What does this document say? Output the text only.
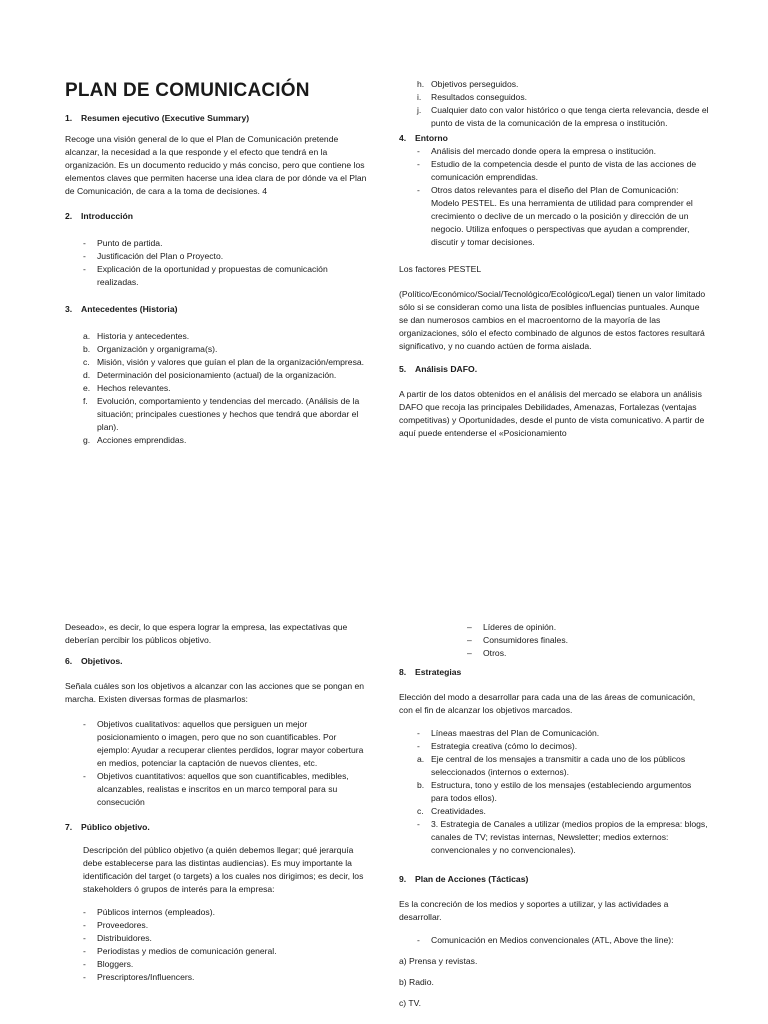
PLAN DE COMUNICACIÓN
1. Resumen ejecutivo (Executive Summary)

Recoge una visión general de lo que el Plan de Comunicación pretende alcanzar, la necesidad a la que responde y el efecto que tendrá en la organización. Es un documento reducido y más conciso, pero que contiene los elementos claves que permiten hacerse una idea clara de por dónde va el Plan de Comunicación, de cara a la toma de decisiones. 4

2. Introducción
- Punto de partida.
- Justificación del Plan o Proyecto.
- Explicación de la oportunidad y propuestas de comunicación realizadas.
3. Antecedentes (Historia)
a. Historia y antecedentes.
b. Organización y organigrama(s).
c. Misión, visión y valores que guían el plan de la organización/empresa.
d. Determinación del posicionamiento (actual) de la organización.
e. Hechos relevantes.
f. Evolución, comportamiento y tendencias del mercado. (Análisis de la situación; principales cuestiones y hechos que tendrá que abordar el plan).
g. Acciones emprendidas.
h. Objetivos perseguidos.
i. Resultados conseguidos.
j. Cualquier dato con valor histórico o que tenga cierta relevancia, desde el punto de vista de la comunicación de la empresa o institución.
4. Entorno
- Análisis del mercado donde opera la empresa o institución.
- Estudio de la competencia desde el punto de vista de las acciones de comunicación emprendidas.
- Otros datos relevantes para el diseño del Plan de Comunicación: Modelo PESTEL. Es una herramienta de utilidad para comprender el crecimiento o declive de un mercado o la posición y dirección de un negocio. Utiliza enfoques o perspectivas que ayudan a comprender, discutir y tomar decisiones.

Los factores PESTEL

(Político/Económico/Social/Tecnológico/Ecológico/Legal) tienen un valor limitado sólo si se consideran como una lista de posibles influencias puntuales. Aunque se dan numerosos cambios en el macroentorno de la mayoría de las organizaciones, sólo el efecto combinado de algunos de estos factores resultará significativo, y no cuando actúen de forma aislada.

5. Análisis DAFO.

A partir de los datos obtenidos en el análisis del mercado se elabora un análisis DAFO que recoja las principales Debilidades, Amenazas, Fortalezas (ventajas competitivas) y Oportunidades, desde el punto de vista comunicativo. A partir de aquí puede entenderse el «Posicionamiento

Deseado», es decir, lo que espera lograr la empresa, las expectativas que deberían percibir los públicos objetivo.

6. Objetivos.

Señala cuáles son los objetivos a alcanzar con las acciones que se pongan en marcha. Existen diversas formas de plasmarlos:

- Objetivos cualitativos: aquellos que persiguen un mejor posicionamiento o imagen, pero que no son cuantificables. Por ejemplo: Ayudar a recuperar clientes perdidos, lograr mayor cobertura en medios, potenciar la captación de nuevos clientes, etc.
- Objetivos cuantitativos: aquellos que son cuantificables, medibles, alcanzables, realistas e inscritos en un marco temporal para su consecución
7. Público objetivo.

Descripción del público objetivo (a quién debemos llegar; qué jerarquía debe establecerse para las distintas audiencias). Es muy importante la identificación del target (o targets) a los cuales nos dirigimos; es decir, los stakeholders ó grupos de interés para la empresa:

- Públicos internos (empleados).
- Proveedores.
- Distribuidores.
- Periodistas y medios de comunicación general.
- Bloggers.
- Prescriptores/Influencers.
– Líderes de opinión.
– Consumidores finales.
– Otros.
8. Estrategias

Elección del modo a desarrollar para cada una de las áreas de comunicación, con el fin de alcanzar los objetivos marcados.

- Líneas maestras del Plan de Comunicación.
- Estrategia creativa (cómo lo decimos).
a. Eje central de los mensajes a transmitir a cada uno de los públicos seleccionados (internos o externos).
b. Estructura, tono y estilo de los mensajes (estableciendo argumentos para todos ellos).
c. Creatividades.
- 3. Estrategia de Canales a utilizar (medios propios de la empresa: blogs, canales de TV; revistas internas, Newsletter; medios externos: convencionales y no convencionales).
9. Plan de Acciones (Tácticas)

Es la concreción de los medios y soportes a utilizar, y las actividades a desarrollar.

- Comunicación en Medios convencionales (ATL, Above the line):

a) Prensa y revistas.

b) Radio.

c) TV.
